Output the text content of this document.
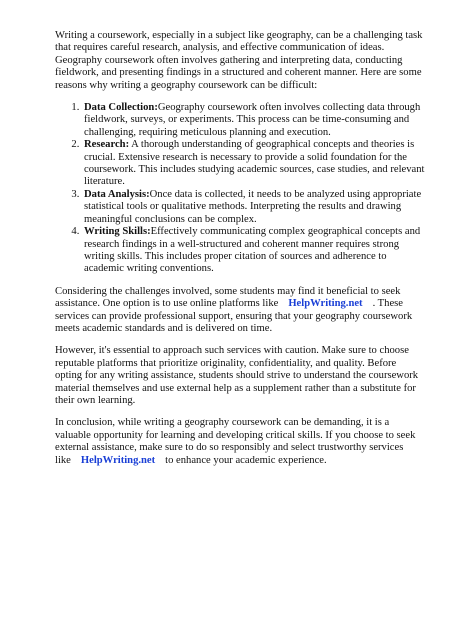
Writing a coursework, especially in a subject like geography, can be a challenging task that requires careful research, analysis, and effective communication of ideas. Geography coursework often involves gathering and interpreting data, conducting fieldwork, and presenting findings in a structured and coherent manner. Here are some reasons why writing a geography coursework can be difficult:

1. Data Collection:Geography coursework often involves collecting data through fieldwork, surveys, or experiments. This process can be time-consuming and challenging, requiring meticulous planning and execution.
2. Research: A thorough understanding of geographical concepts and theories is crucial. Extensive research is necessary to provide a solid foundation for the coursework. This includes studying academic sources, case studies, and relevant literature.
3. Data Analysis:Once data is collected, it needs to be analyzed using appropriate statistical tools or qualitative methods. Interpreting the results and drawing meaningful conclusions can be complex.
4. Writing Skills:Effectively communicating complex geographical concepts and research findings in a well-structured and coherent manner requires strong writing skills. This includes proper citation of sources and adherence to academic writing conventions.

Considering the challenges involved, some students may find it beneficial to seek assistance. One option is to use online platforms like HelpWriting.net . These services can provide professional support, ensuring that your geography coursework meets academic standards and is delivered on time.

However, it's essential to approach such services with caution. Make sure to choose reputable platforms that prioritize originality, confidentiality, and quality. Before opting for any writing assistance, students should strive to understand the coursework material themselves and use external help as a supplement rather than a substitute for their own learning.

In conclusion, while writing a geography coursework can be demanding, it is a valuable opportunity for learning and developing critical skills. If you choose to seek external assistance, make sure to do so responsibly and select trustworthy services like HelpWriting.net to enhance your academic experience.
